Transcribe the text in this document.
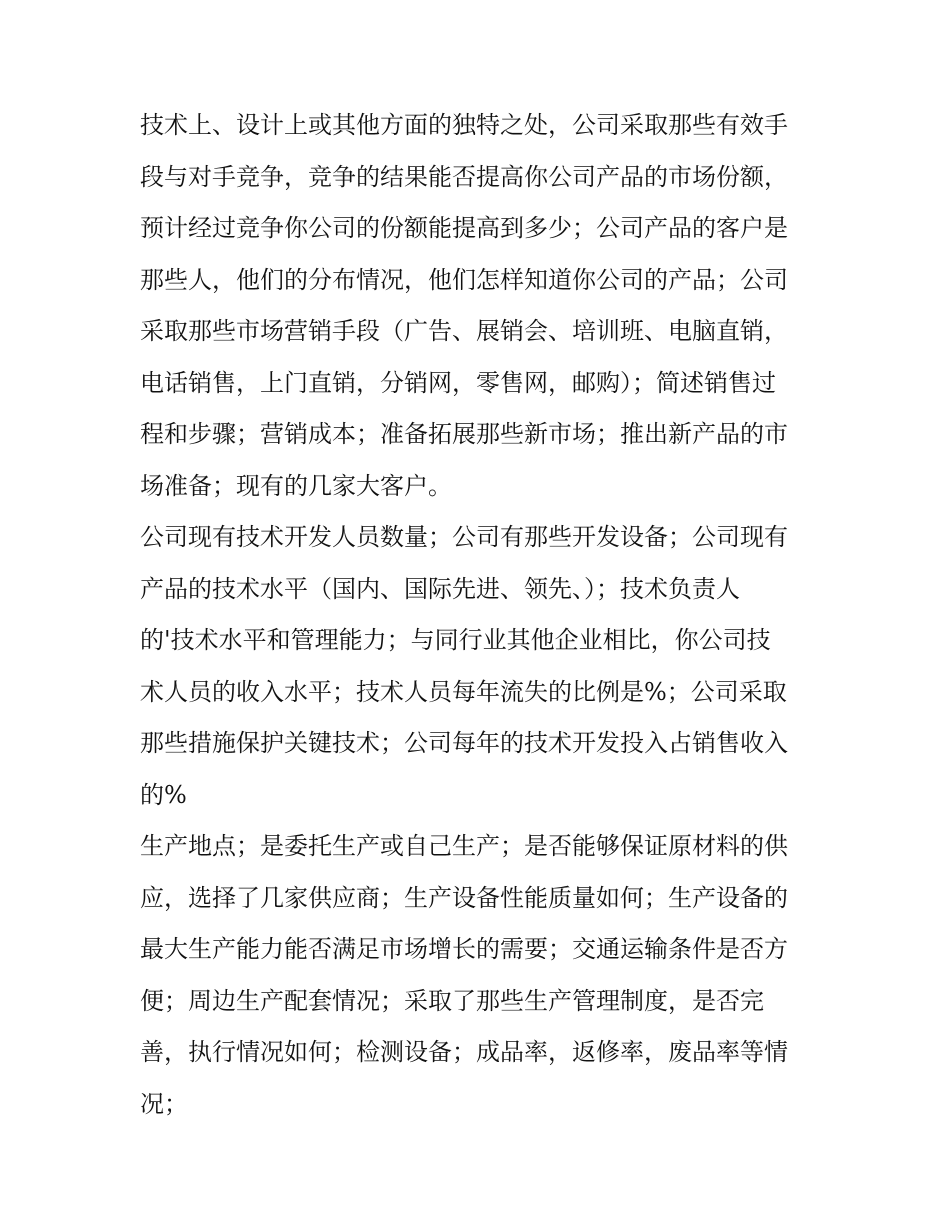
技术上、设计上或其他方面的独特之处，公司采取那些有效手
段与对手竞争，竞争的结果能否提高你公司产品的市场份额，
预计经过竞争你公司的份额能提高到多少；公司产品的客户是
那些人，他们的分布情况，他们怎样知道你公司的产品；公司
采取那些市场营销手段（广告、展销会、培训班、电脑直销，
电话销售，上门直销，分销网，零售网，邮购）；简述销售过
程和步骤；营销成本；准备拓展那些新市场；推出新产品的市
场准备；现有的几家大客户。

公司现有技术开发人员数量；公司有那些开发设备；公司现有
产品的技术水平（国内、国际先进、领先、）；技术负责人
的'技术水平和管理能力；与同行业其他企业相比，你公司技
术人员的收入水平；技术人员每年流失的比例是%；公司采取
那些措施保护关键技术；公司每年的技术开发投入占销售收入
的%

生产地点；是委托生产或自己生产；是否能够保证原材料的供
应，选择了几家供应商；生产设备性能质量如何；生产设备的
最大生产能力能否满足市场增长的需要；交通运输条件是否方
便；周边生产配套情况；采取了那些生产管理制度，是否完
善，执行情况如何；检测设备；成品率，返修率，废品率等情
况；
